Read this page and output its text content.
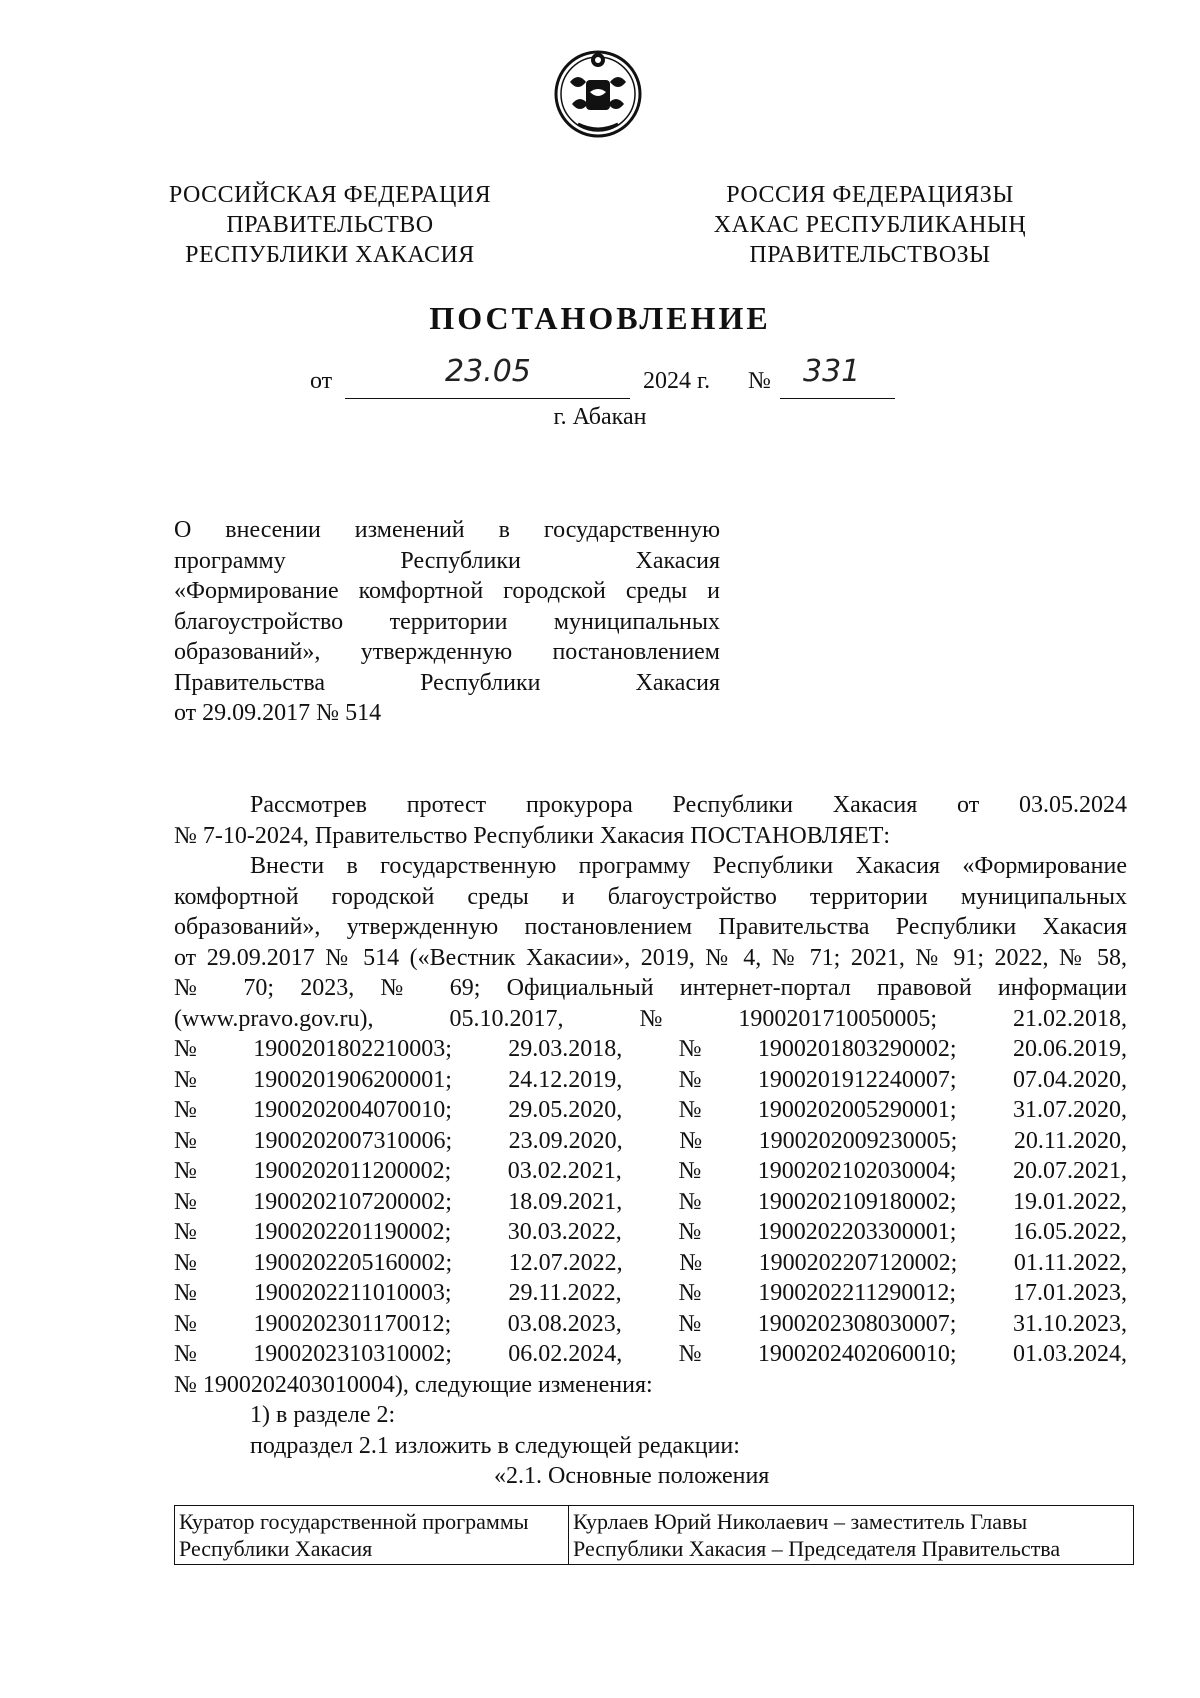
РОССИЙСКАЯ ФЕДЕРАЦИЯ
ПРАВИТЕЛЬСТВО
РЕСПУБЛИКИ ХАКАСИЯ
РОССИЯ ФЕДЕРАЦИЯЗЫ
ХАКАС РЕСПУБЛИКАНЫҢ
ПРАВИТЕЛЬСТВОЗЫ
ПОСТАНОВЛЕНИЕ
от	23.05	2024 г. № 331
г. Абакан
О внесении изменений в государственную
программу Республики Хакасия
«Формирование комфортной городской среды и
благоустройство территории муниципальных
образований», утвержденную постановлением
Правительства Республики Хакасия
от 29.09.2017 № 514
Рассмотрев протест прокурора Республики Хакасия от 03.05.2024
№ 7-10-2024, Правительство Республики Хакасия ПОСТАНОВЛЯЕТ:
Внести в государственную программу Республики Хакасия «Формирование
комфортной городской среды и благоустройство территории муниципальных
образований», утвержденную постановлением Правительства Республики Хакасия
от 29.09.2017 № 514 («Вестник Хакасии», 2019, № 4, № 71; 2021, № 91; 2022, № 58,
№ 70; 2023, № 69; Официальный интернет-портал правовой информации
(www.pravo.gov.ru),	05.10.2017,	№	1900201710050005;	21.02.2018,
№ 1900201802210003; 29.03.2018, № 1900201803290002; 20.06.2019,
№ 1900201906200001; 24.12.2019, № 1900201912240007; 07.04.2020,
№ 1900202004070010; 29.05.2020, № 1900202005290001; 31.07.2020,
№ 1900202007310006; 23.09.2020, № 1900202009230005; 20.11.2020,
№ 1900202011200002; 03.02.2021, № 1900202102030004; 20.07.2021,
№ 1900202107200002; 18.09.2021, № 1900202109180002; 19.01.2022,
№ 1900202201190002; 30.03.2022, № 1900202203300001; 16.05.2022,
№ 1900202205160002; 12.07.2022, № 1900202207120002; 01.11.2022,
№ 1900202211010003; 29.11.2022, № 1900202211290012; 17.01.2023,
№ 1900202301170012; 03.08.2023, № 1900202308030007; 31.10.2023,
№ 1900202310310002; 06.02.2024, № 1900202402060010; 01.03.2024,
№ 1900202403010004), следующие изменения:
1) в разделе 2:
подраздел 2.1 изложить в следующей редакции:
«2.1. Основные положения
Куратор государственной программы Республики Хакасия	Курлаев Юрий Николаевич – заместитель Главы Республики Хакасия – Председателя Правительства
